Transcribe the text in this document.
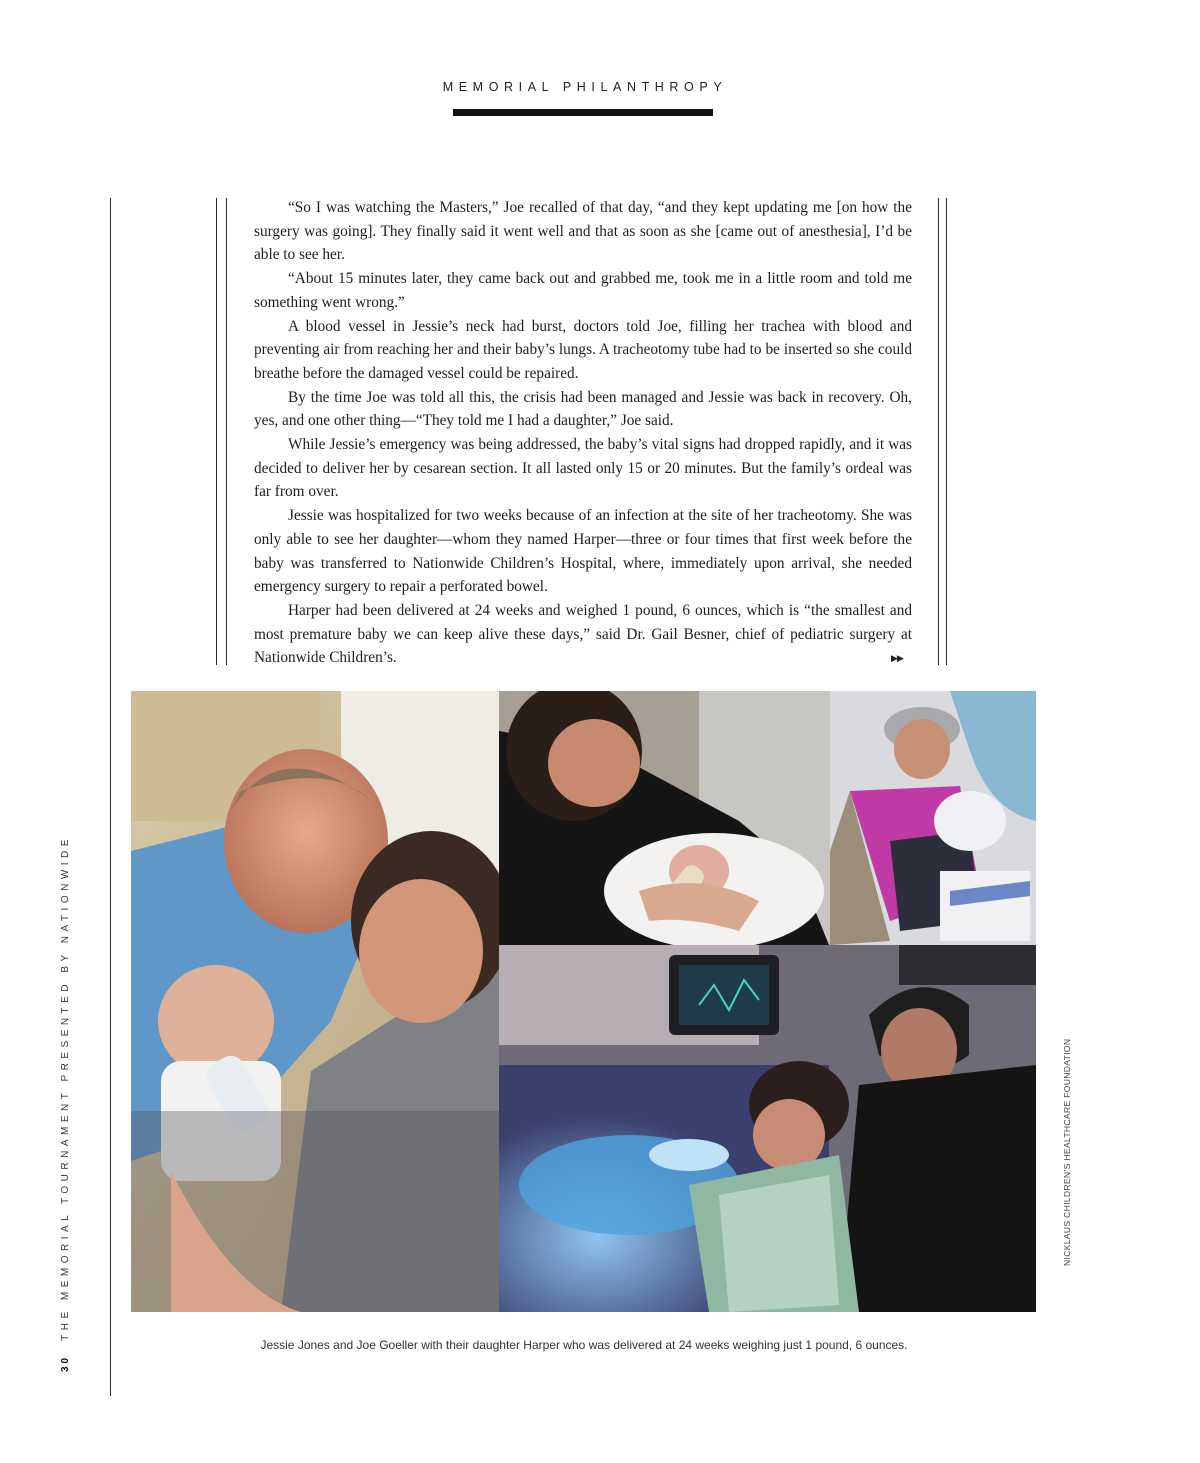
MEMORIAL PHILANTHROPY
30THE MEMORIAL TOURNAMENT PRESENTED BY NATIONWIDE

“So I was watching the Masters,” Joe recalled of that day, “and they kept updating me [on how the surgery was going]. They finally said it went well and that as soon as she [came out of anesthesia], I’d be able to see her.

“About 15 minutes later, they came back out and grabbed me, took me in a little room and told me something went wrong.”

A blood vessel in Jessie’s neck had burst, doctors told Joe, filling her trachea with blood and preventing air from reaching her and their baby’s lungs. A tracheotomy tube had to be inserted so she could breathe before the damaged vessel could be repaired.

By the time Joe was told all this, the crisis had been managed and Jessie was back in recovery. Oh, yes, and one other thing—“They told me I had a daughter,” Joe said.

While Jessie’s emergency was being addressed, the baby’s vital signs had dropped rapidly, and it was decided to deliver her by cesarean section. It all lasted only 15 or 20 minutes. But the family’s ordeal was far from over.

Jessie was hospitalized for two weeks because of an infection at the site of her tracheotomy. She was only able to see her daughter—whom they named Harper—three or four times that first week before the baby was transferred to Nationwide Children’s Hospital, where, immediately upon arrival, she needed emergency surgery to repair a perforated bowel.

Harper had been delivered at 24 weeks and weighed 1 pound, 6 ounces, which is “the smallest and most premature baby we can keep alive these days,” said Dr. Gail Besner, chief of pediatric surgery at Nationwide Children’s.	▶▶
NICKLAUS CHILDREN’S HEALTHCARE FOUNDATION
Jessie Jones and Joe Goeller with their daughter Harper who was delivered at 24 weeks weighing just 1 pound, 6 ounces.
